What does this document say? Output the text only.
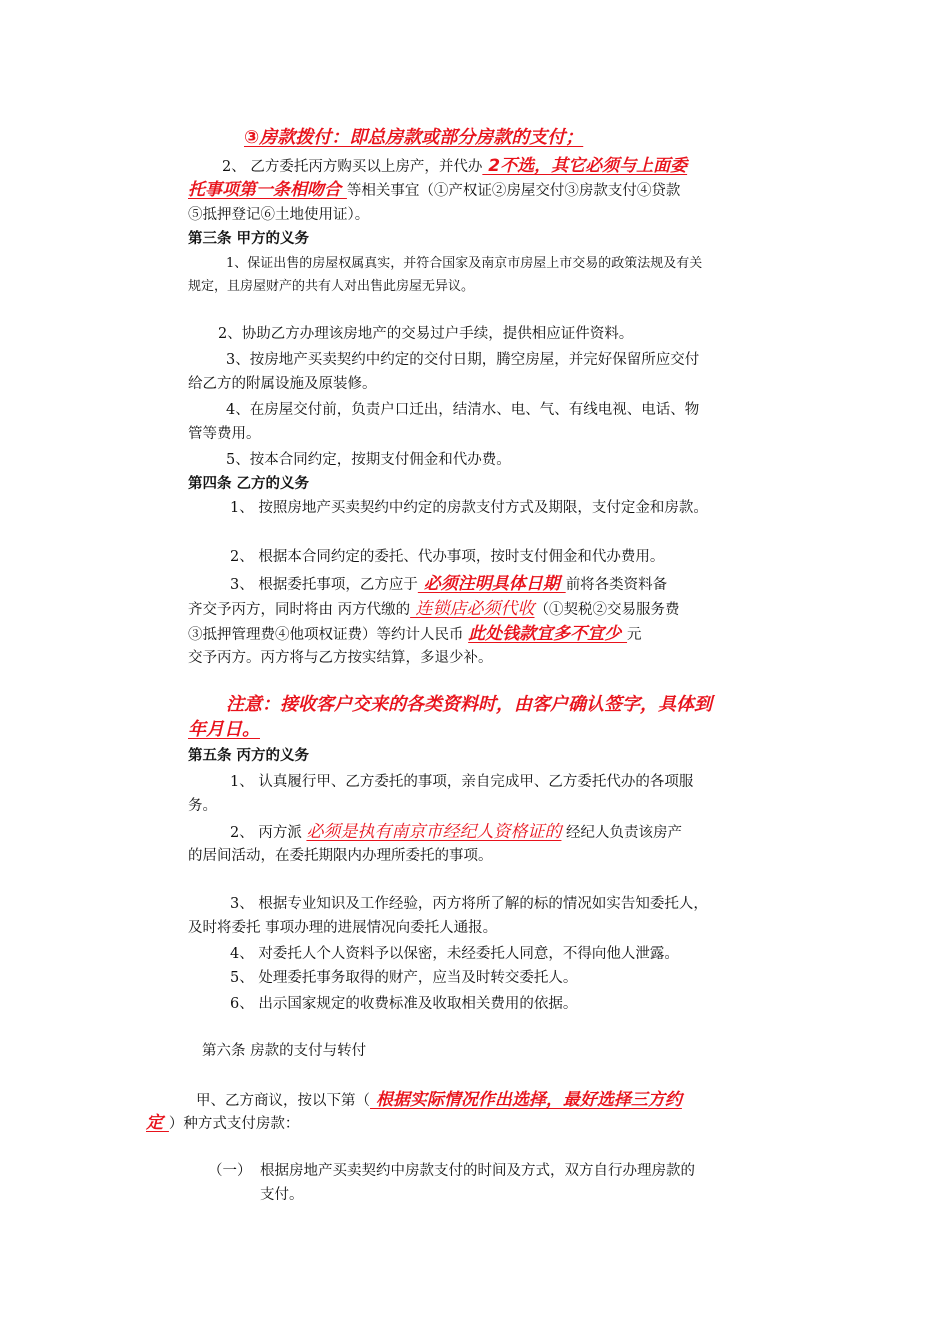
③房款拨付：即总房款或部分房款的支付；
2、 乙方委托丙方购买以上房产，并代办 2不选，其它必须与上面委
托事项第一条相吻合 等相关事宜（①产权证②房屋交付③房款支付④贷款
⑤抵押登记⑥土地使用证）。
第三条 甲方的义务
1、保证出售的房屋权属真实，并符合国家及南京市房屋上市交易的政策法规及有关
规定，且房屋财产的共有人对出售此房屋无异议。
2、协助乙方办理该房地产的交易过户手续，提供相应证件资料。
3、按房地产买卖契约中约定的交付日期，腾空房屋，并完好保留所应交付
给乙方的附属设施及原装修。
4、在房屋交付前，负责户口迁出，结清水、电、气、有线电视、电话、物
管等费用。
5、按本合同约定，按期支付佣金和代办费。
第四条 乙方的义务
1、 按照房地产买卖契约中约定的房款支付方式及期限，支付定金和房款。
2、 根据本合同约定的委托、代办事项，按时支付佣金和代办费用。
3、 根据委托事项，乙方应于 必须注明具体日期 前将各类资料备
齐交予丙方，同时将由 丙方代缴的 连锁店必须代收（①契税②交易服务费
③抵押管理费④他项权证费）等约计人民币 此处钱款宜多不宜少 元
交予丙方。丙方将与乙方按实结算，多退少补。
注意：接收客户交来的各类资料时，由客户确认签字，具体到
年月日。
第五条 丙方的义务
1、 认真履行甲、乙方委托的事项，亲自完成甲、乙方委托代办的各项服
务。
2、 丙方派 必须是执有南京市经纪人资格证的 经纪人负责该房产
的居间活动，在委托期限内办理所委托的事项。
3、 根据专业知识及工作经验，丙方将所了解的标的情况如实告知委托人，
及时将委托 事项办理的进展情况向委托人通报。
4、 对委托人个人资料予以保密，未经委托人同意，不得向他人泄露。
5、 处理委托事务取得的财产，应当及时转交委托人。
6、 出示国家规定的收费标准及收取相关费用的依据。
第六条 房款的支付与转付
甲、乙方商议，按以下第（ 根据实际情况作出选择，最好选择三方约
定 ）种方式支付房款：
（一） 根据房地产买卖契约中房款支付的时间及方式，双方自行办理房款的
支付。
